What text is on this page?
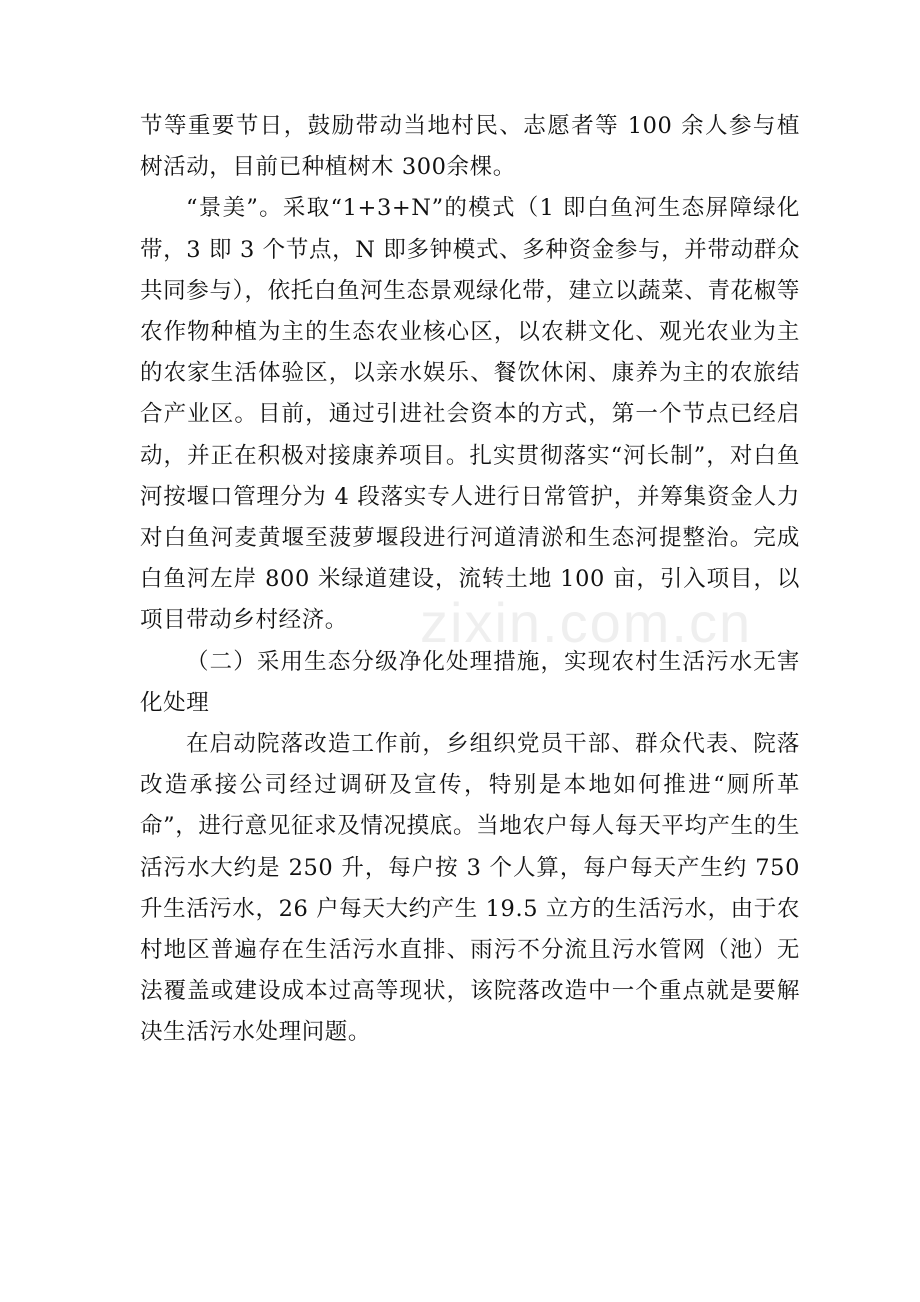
节等重要节日，鼓励带动当地村民、志愿者等 100 余人参与植树活动，目前已种植树木 300余棵。

“景美”。采取“1+3+N”的模式（1 即白鱼河生态屏障绿化带，3 即 3 个节点，N 即多钟模式、多种资金参与，并带动群众共同参与），依托白鱼河生态景观绿化带，建立以蔬菜、青花椒等农作物种植为主的生态农业核心区，以农耕文化、观光农业为主的农家生活体验区，以亲水娱乐、餐饮休闲、康养为主的农旅结合产业区。目前，通过引进社会资本的方式，第一个节点已经启动，并正在积极对接康养项目。扎实贯彻落实“河长制”，对白鱼河按堰口管理分为 4 段落实专人进行日常管护，并筹集资金人力对白鱼河麦黄堰至菠萝堰段进行河道清淤和生态河提整治。完成白鱼河左岸 800 米绿道建设，流转土地 100 亩，引入项目，以项目带动乡村经济。

（二）采用生态分级净化处理措施，实现农村生活污水无害化处理

在启动院落改造工作前，乡组织党员干部、群众代表、院落改造承接公司经过调研及宣传，特别是本地如何推进“厕所革命”，进行意见征求及情况摸底。当地农户每人每天平均产生的生活污水大约是 250 升，每户按 3 个人算，每户每天产生约 750 升生活污水，26 户每天大约产生 19.5 立方的生活污水，由于农村地区普遍存在生活污水直排、雨污不分流且污水管网（池）无法覆盖或建设成本过高等现状，该院落改造中一个重点就是要解决生活污水处理问题。

zixin.com.cn
